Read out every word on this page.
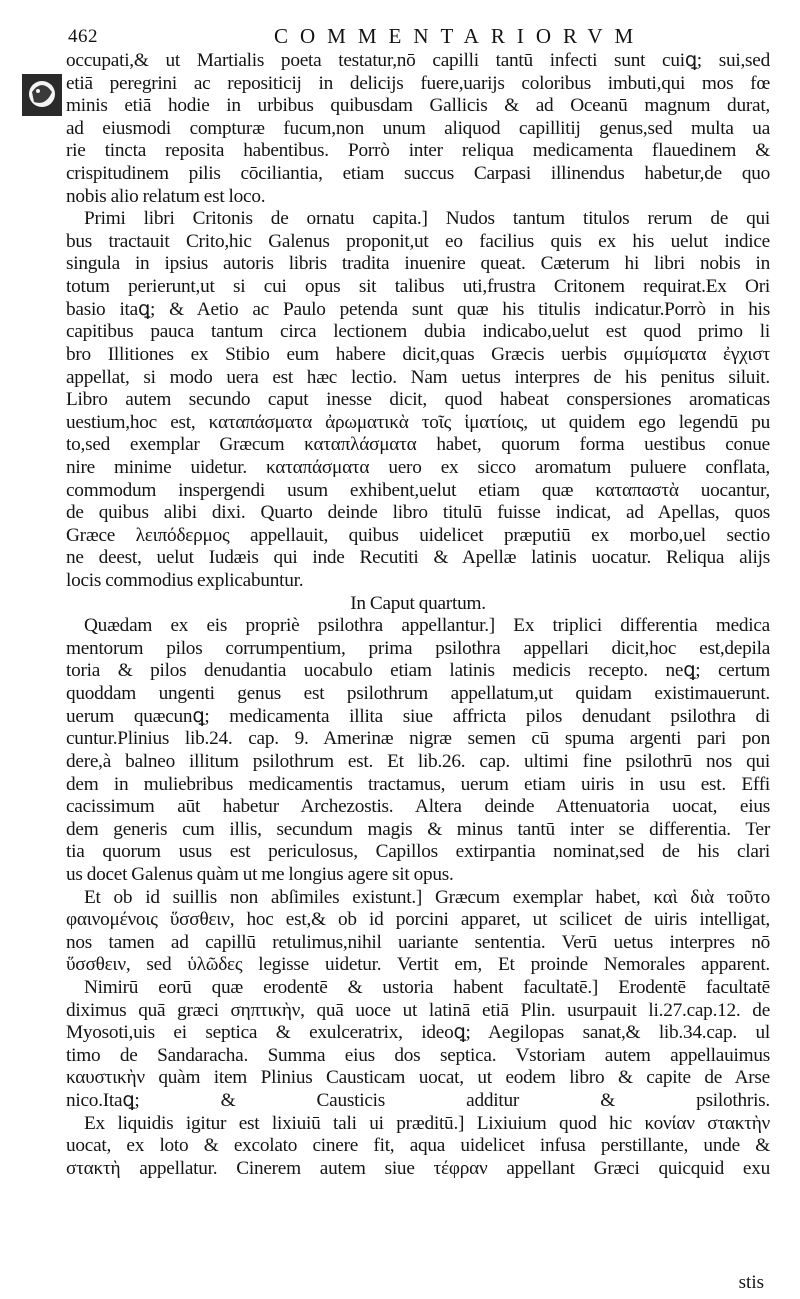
462	COMMENTARIORVM
occupati,& ut Martialis poeta testatur,nō capilli tantū infecti sunt cuiꝗ; sui,sed
etiā peregrini ac repositicij in delicijs fuere,uarijs coloribus imbuti,qui mos fœ
minis etiā hodie in urbibus quibusdam Gallicis & ad Oceanū magnum durat,
ad eiusmodi compturæ fucum,non unum aliquod capillitij genus,sed multa ua
rie tincta reposita habentibus. Porrò inter reliqua medicamenta flauedinem &
crispitudinem pilis cōciliantia, etiam succus Carpasi illinendus habetur,de quo
nobis alio relatum est loco.
Primi libri Critonis de ornatu capita.] Nudos tantum titulos rerum de qui
bus tractauit Crito,hic Galenus proponit,ut eo facilius quis ex his uelut indice
singula in ipsius autoris libris tradita inuenire queat. Cæterum hi libri nobis in
totum perierunt,ut si cui opus sit talibus uti,frustra Critonem requirat.Ex Ori
basio itaꝗ; & Aetio ac Paulo petenda sunt quæ his titulis indicatur.Porrò in his
capitibus pauca tantum circa lectionem dubia indicabo,uelut est quod primo li
bro Illitiones ex Stibio eum habere dicit,quas Græcis uerbis σμμίσματα ἐγχιστ
appellat, si modo uera est hæc lectio. Nam uetus interpres de his penitus siluit.
Libro autem secundo caput inesse dicit, quod habeat conspersiones aromaticas
uestium,hoc est, καταπάσματα ἀρωματικὰ τοῖς ἱματίοις, ut quidem ego legendū pu
to,sed exemplar Græcum καταπλάσματα habet, quorum forma uestibus conue
nire minime uidetur. καταπάσματα uero ex sicco aromatum puluere conflata,
commodum inspergendi usum exhibent,uelut etiam quæ καταπαστὰ uocantur,
de quibus alibi dixi. Quarto deinde libro titulū fuisse indicat, ad Apellas, quos
Græce λειπόδερμος appellauit, quibus uidelicet præputiū ex morbo,uel sectio
ne deest, uelut Iudæis qui inde Recutiti & Apellæ latinis uocatur. Reliqua alijs
locis commodius explicabuntur.
In Caput quartum.
Quædam ex eis propriè psilothra appellantur.] Ex triplici differentia medica
mentorum pilos corrumpentium, prima psilothra appellari dicit,hoc est,depila
toria & pilos denudantia uocabulo etiam latinis medicis recepto. neꝗ; certum
quoddam ungenti genus est psilothrum appellatum,ut quidam existimauerunt.
uerum quæcunꝗ; medicamenta illita siue affricta pilos denudant psilothra di
cuntur.Plinius lib.24. cap. 9. Amerinæ nigræ semen cū spuma argenti pari pon
dere,à balneo illitum psilothrum est. Et lib.26. cap. ultimi fine psilothrū nos qui
dem in muliebribus medicamentis tractamus, uerum etiam uiris in usu est. Effi
cacissimum aūt habetur Archezostis. Altera deinde Attenuatoria uocat, eius
dem generis cum illis, secundum magis & minus tantū inter se differentia. Ter
tia quorum usus est periculosus, Capillos extirpantia nominat,sed de his clari
us docet Galenus quàm ut me longius agere sit opus.
Et ob id suillis non abſimiles existunt.] Græcum exemplar habet, καὶ διὰ τοῦτο
φαινομένοις ὕσσθειν, hoc est,& ob id porcini apparet, ut scilicet de uiris intelligat,
nos tamen ad capillū retulimus,nihil uariante sententia. Verū uetus interpres nō
ὕσσθειν, sed ὑλῶδες legisse uidetur. Vertit em, Et proinde Nemorales apparent.
Nimirū eorū quæ erodentē & ustoria habent facultatē.] Erodentē facultatē
diximus quā græci σηπτικὴν, quā uoce ut latinā etiā Plin. usurpauit li.27.cap.12. de
Myosoti,uis ei septica & exulceratrix, ideoꝗ; Aegilopas sanat,& lib.34.cap. ul
timo de Sandaracha. Summa eius dos septica. Vstoriam autem appellauimus
καυστικὴν quàm item Plinius Causticam uocat, ut eodem libro & capite de Arse
nico.Itaꝗ; & Causticis additur & psilothris.
Ex liquidis igitur est lixiuiū tali ui præditū.] Lixiuium quod hic κονίαν στακτὴν
uocat, ex loto & excolato cinere fit, aqua uidelicet infusa perstillante, unde &
στακτὴ appellatur. Cinerem autem siue τέφραν appellant Græci quicquid exu
stis
